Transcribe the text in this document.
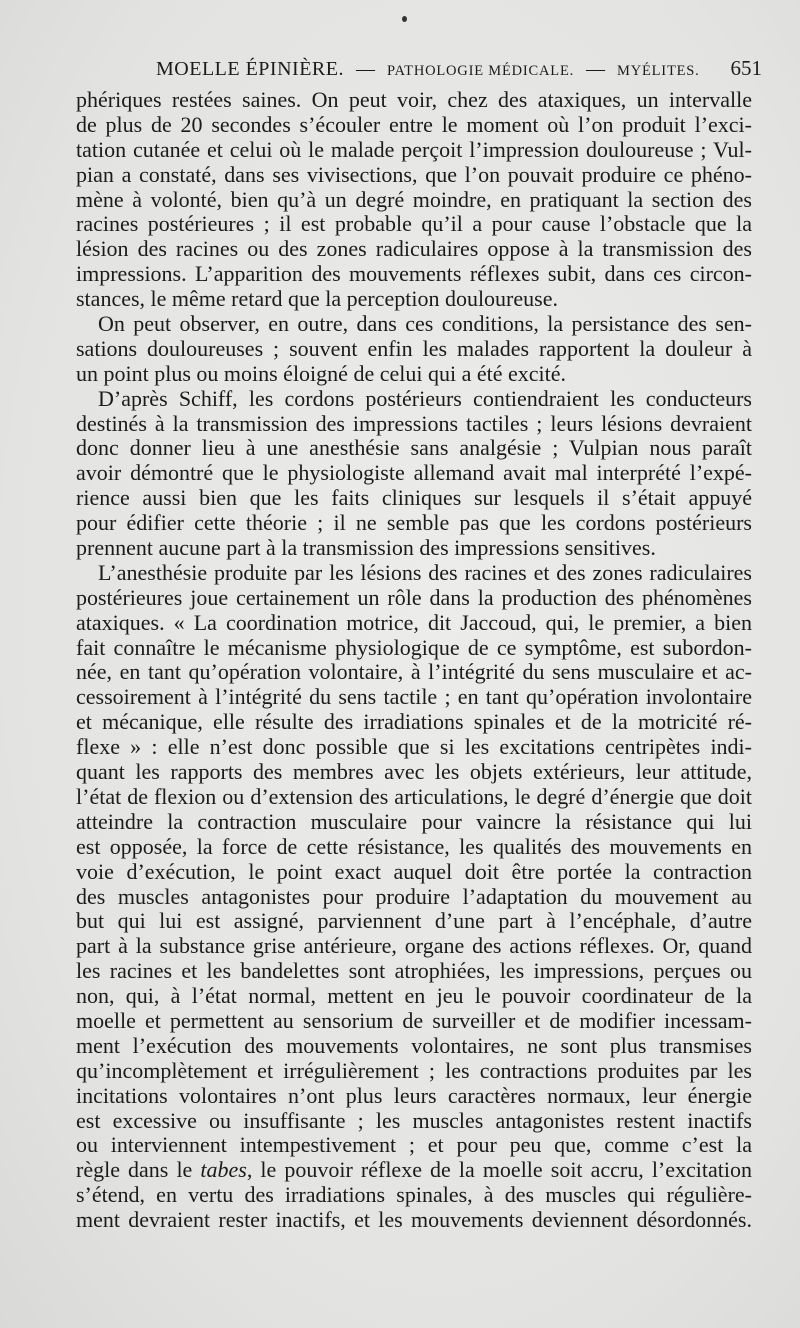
MOELLE ÉPINIÈRE. — PATHOLOGIE MÉDICALE. — MYÉLITES. 651
phériques restées saines. On peut voir, chez des ataxiques, un intervalle
de plus de 20 secondes s’écouler entre le moment où l’on produit l’exci-
tation cutanée et celui où le malade perçoit l’impression douloureuse ; Vul-
pian a constaté, dans ses vivisections, que l’on pouvait produire ce phéno-
mène à volonté, bien qu’à un degré moindre, en pratiquant la section des
racines postérieures ; il est probable qu’il a pour cause l’obstacle que la
lésion des racines ou des zones radiculaires oppose à la transmission des
impressions. L’apparition des mouvements réflexes subit, dans ces circon-
stances, le même retard que la perception douloureuse.
On peut observer, en outre, dans ces conditions, la persistance des sen-
sations douloureuses ; souvent enfin les malades rapportent la douleur à
un point plus ou moins éloigné de celui qui a été excité.
D’après Schiff, les cordons postérieurs contiendraient les conducteurs
destinés à la transmission des impressions tactiles ; leurs lésions devraient
donc donner lieu à une anesthésie sans analgésie ; Vulpian nous paraît
avoir démontré que le physiologiste allemand avait mal interprété l’expé-
rience aussi bien que les faits cliniques sur lesquels il s’était appuyé
pour édifier cette théorie ; il ne semble pas que les cordons postérieurs
prennent aucune part à la transmission des impressions sensitives.
L’anesthésie produite par les lésions des racines et des zones radiculaires
postérieures joue certainement un rôle dans la production des phénomènes
ataxiques. « La coordination motrice, dit Jaccoud, qui, le premier, a bien
fait connaître le mécanisme physiologique de ce symptôme, est subordon-
née, en tant qu’opération volontaire, à l’intégrité du sens musculaire et ac-
cessoirement à l’intégrité du sens tactile ; en tant qu’opération involontaire
et mécanique, elle résulte des irradiations spinales et de la motricité ré-
flexe » : elle n’est donc possible que si les excitations centripètes indi-
quant les rapports des membres avec les objets extérieurs, leur attitude,
l’état de flexion ou d’extension des articulations, le degré d’énergie que doit
atteindre la contraction musculaire pour vaincre la résistance qui lui
est opposée, la force de cette résistance, les qualités des mouvements en
voie d’exécution, le point exact auquel doit être portée la contraction
des muscles antagonistes pour produire l’adaptation du mouvement au
but qui lui est assigné, parviennent d’une part à l’encéphale, d’autre
part à la substance grise antérieure, organe des actions réflexes. Or, quand
les racines et les bandelettes sont atrophiées, les impressions, perçues ou
non, qui, à l’état normal, mettent en jeu le pouvoir coordinateur de la
moelle et permettent au sensorium de surveiller et de modifier incessam-
ment l’exécution des mouvements volontaires, ne sont plus transmises
qu’incomplètement et irrégulièrement ; les contractions produites par les
incitations volontaires n’ont plus leurs caractères normaux, leur énergie
est excessive ou insuffisante ; les muscles antagonistes restent inactifs
ou interviennent intempestivement ; et pour peu que, comme c’est la
règle dans le tabes, le pouvoir réflexe de la moelle soit accru, l’excitation
s’étend, en vertu des irradiations spinales, à des muscles qui régulière-
ment devraient rester inactifs, et les mouvements deviennent désordonnés.
